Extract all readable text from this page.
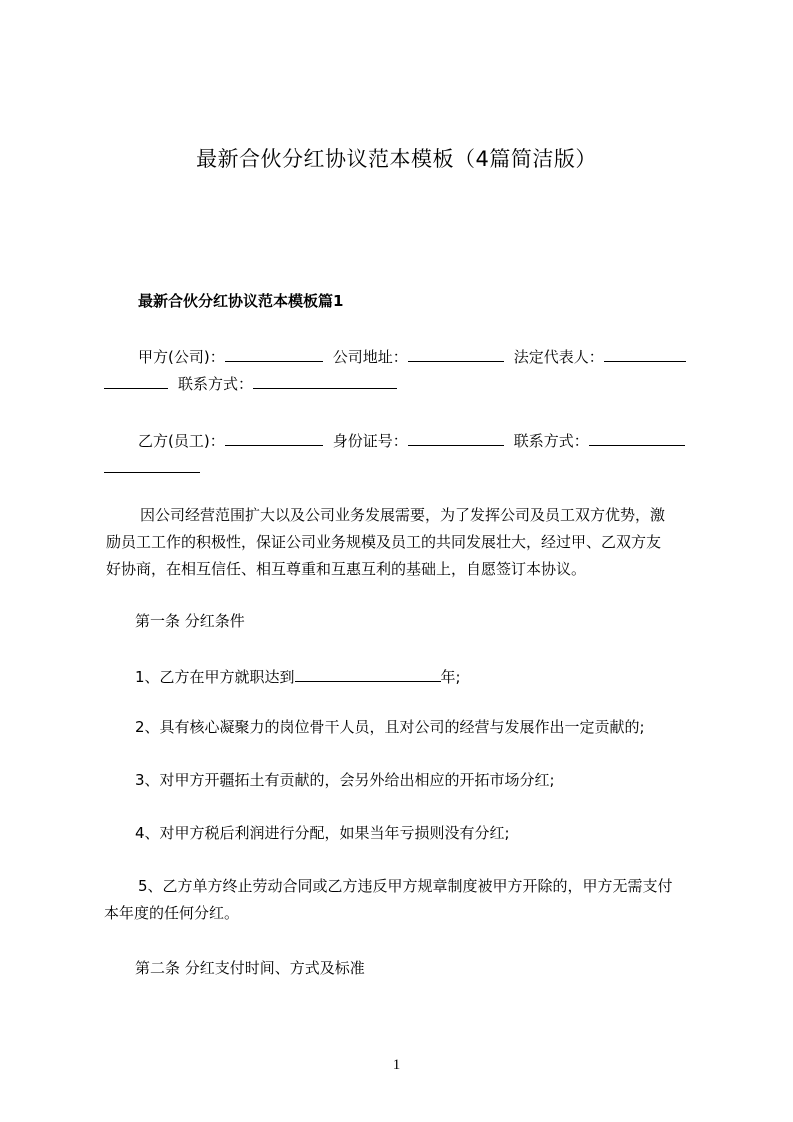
最新合伙分红协议范本模板（4篇简洁版）
最新合伙分红协议范本模板篇1
甲方(公司)：	公司地址：	法定代表人：
联系方式：
乙方(员工)：	身份证号：	联系方式：
因公司经营范围扩大以及公司业务发展需要，为了发挥公司及员工双方优势，激
励员工工作的积极性，保证公司业务规模及员工的共同发展壮大，经过甲、乙双方友
好协商，在相互信任、相互尊重和互惠互利的基础上，自愿签订本协议。
第一条 分红条件
1、乙方在甲方就职达到	年;
2、具有核心凝聚力的岗位骨干人员，且对公司的经营与发展作出一定贡献的;
3、对甲方开疆拓土有贡献的，会另外给出相应的开拓市场分红;
4、对甲方税后利润进行分配，如果当年亏损则没有分红;
5、乙方单方终止劳动合同或乙方违反甲方规章制度被甲方开除的，甲方无需支付
本年度的任何分红。
第二条 分红支付时间、方式及标准
1
